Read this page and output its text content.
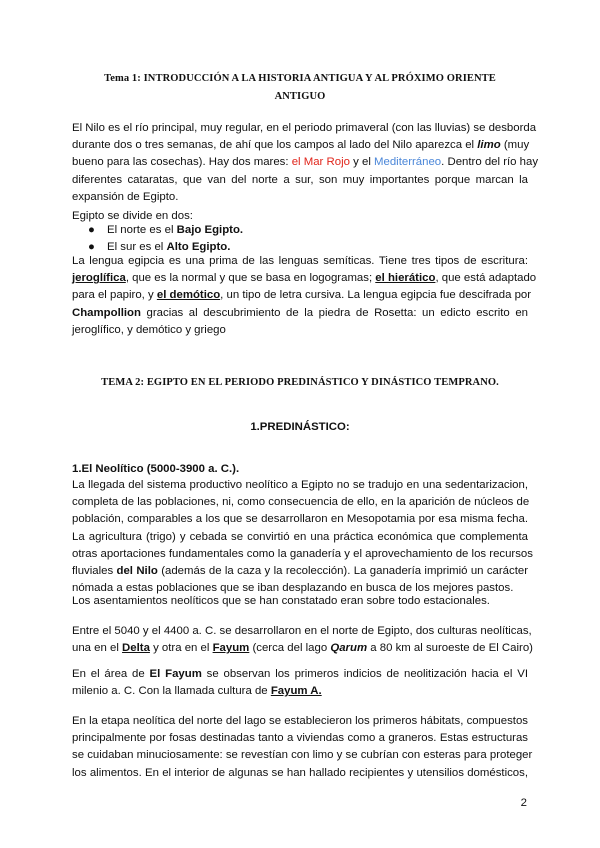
Tema 1: INTRODUCCIÓN A LA HISTORIA ANTIGUA Y AL PRÓXIMO ORIENTE
ANTIGUO
El Nilo es el río principal, muy regular, en el periodo primaveral (con las lluvias) se desborda
durante dos o tres semanas, de ahí que los campos al lado del Nilo aparezca el limo (muy
bueno para las cosechas). Hay dos mares: el Mar Rojo y el Mediterráneo. Dentro del río hay
diferentes cataratas, que van del norte a sur, son muy importantes porque marcan la
expansión de Egipto.
Egipto se divide en dos:
● El norte es el Bajo Egipto.
● El sur es el Alto Egipto.
La lengua egipcia es una prima de las lenguas semíticas. Tiene tres tipos de escritura:
jeroglífica, que es la normal y que se basa en logogramas; el hierático, que está adaptado
para el papiro, y el demótico, un tipo de letra cursiva. La lengua egipcia fue descifrada por
Champollion gracias al descubrimiento de la piedra de Rosetta: un edicto escrito en
jeroglífico, y demótico y griego
TEMA 2: EGIPTO EN EL PERIODO PREDINÁSTICO Y DINÁSTICO TEMPRANO.
1.PREDINÁSTICO:
1.El Neolítico (5000-3900 a. C.).
La llegada del sistema productivo neolítico a Egipto no se tradujo en una sedentarizacion,
completa de las poblaciones, ni, como consecuencia de ello, en la aparición de núcleos de
población, comparables a los que se desarrollaron en Mesopotamia por esa misma fecha.
La agricultura (trigo) y cebada se convirtió en una práctica económica que complementa
otras aportaciones fundamentales como la ganadería y el aprovechamiento de los recursos
fluviales del Nilo (además de la caza y la recolección). La ganadería imprimió un carácter
nómada a estas poblaciones que se iban desplazando en busca de los mejores pastos.
Los asentamientos neolíticos que se han constatado eran sobre todo estacionales.
Entre el 5040 y el 4400 a. C. se desarrollaron en el norte de Egipto, dos culturas neolíticas,
una en el Delta y otra en el Fayum (cerca del lago Qarum a 80 km al suroeste de El Cairo)
En el área de El Fayum se observan los primeros indicios de neolitización hacia el VI
milenio a. C. Con la llamada cultura de Fayum A.
En la etapa neolítica del norte del lago se establecieron los primeros hábitats, compuestos
principalmente por fosas destinadas tanto a viviendas como a graneros. Estas estructuras
se cuidaban minuciosamente: se revestían con limo y se cubrían con esteras para proteger
los alimentos. En el interior de algunas se han hallado recipientes y utensilios domésticos,
2
